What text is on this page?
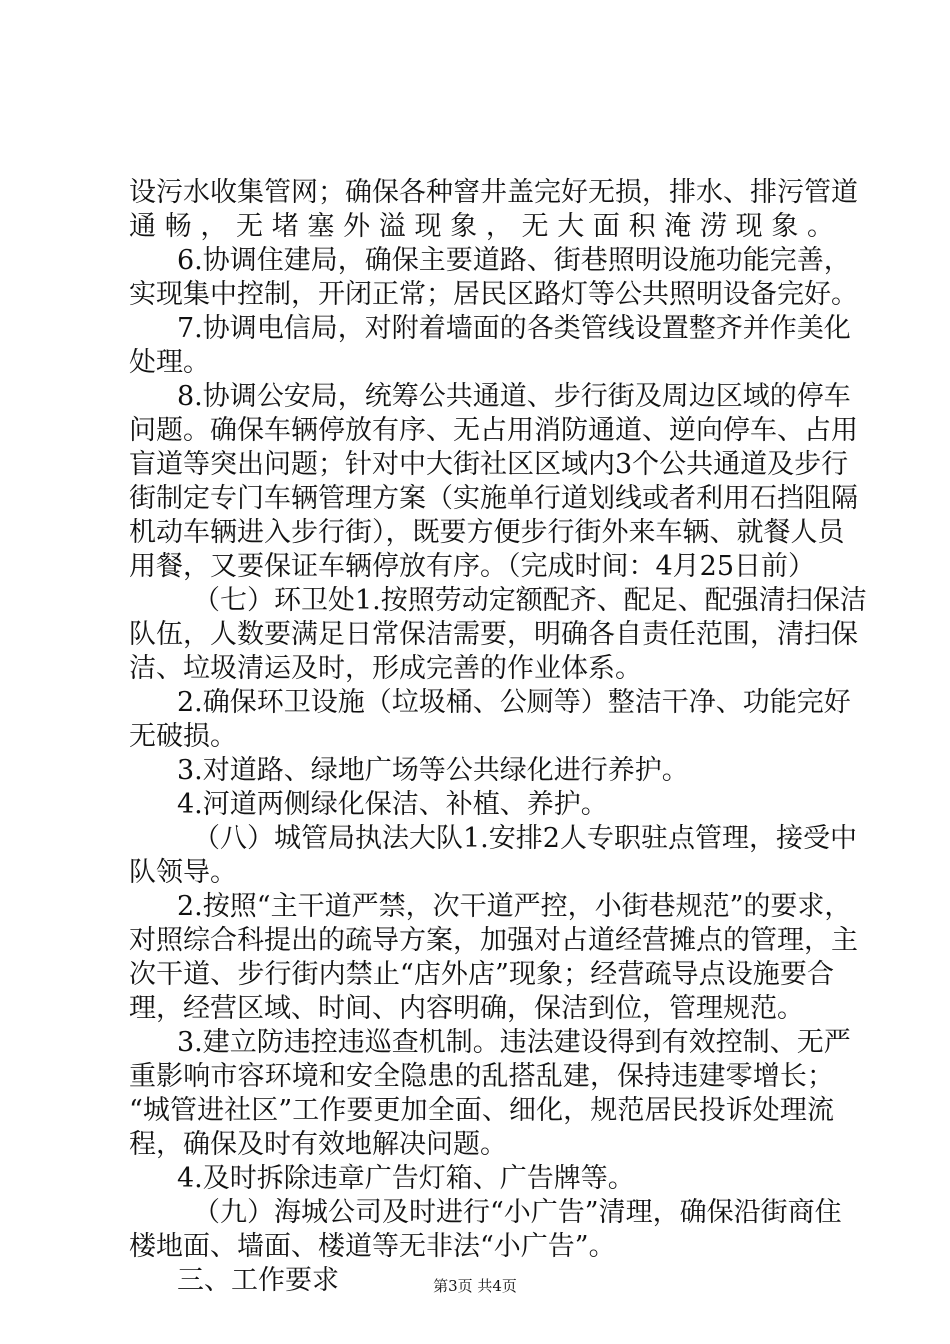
设污水收集管网；确保各种窨井盖完好无损，排水、排污管道
通畅，无堵塞外溢现象，无大面积淹涝现象。
6.协调住建局，确保主要道路、街巷照明设施功能完善，
实现集中控制，开闭正常；居民区路灯等公共照明设备完好。
7.协调电信局，对附着墙面的各类管线设置整齐并作美化
处理。
8.协调公安局，统筹公共通道、步行街及周边区域的停车
问题。确保车辆停放有序、无占用消防通道、逆向停车、占用
盲道等突出问题；针对中大街社区区域内3个公共通道及步行
街制定专门车辆管理方案（实施单行道划线或者利用石挡阻隔
机动车辆进入步行街），既要方便步行街外来车辆、就餐人员
用餐，又要保证车辆停放有序。（完成时间：4月25日前）
（七）环卫处1.按照劳动定额配齐、配足、配强清扫保洁
队伍，人数要满足日常保洁需要，明确各自责任范围，清扫保
洁、垃圾清运及时，形成完善的作业体系。
2.确保环卫设施（垃圾桶、公厕等）整洁干净、功能完好
无破损。
3.对道路、绿地广场等公共绿化进行养护。
4.河道两侧绿化保洁、补植、养护。
（八）城管局执法大队1.安排2人专职驻点管理，接受中
队领导。
2.按照“主干道严禁，次干道严控，小街巷规范”的要求，
对照综合科提出的疏导方案，加强对占道经营摊点的管理，主
次干道、步行街内禁止“店外店”现象；经营疏导点设施要合
理，经营区域、时间、内容明确，保洁到位，管理规范。
3.建立防违控违巡查机制。违法建设得到有效控制、无严
重影响市容环境和安全隐患的乱搭乱建，保持违建零增长；
“城管进社区”工作要更加全面、细化，规范居民投诉处理流
程，确保及时有效地解决问题。
4.及时拆除违章广告灯箱、广告牌等。
（九）海城公司及时进行“小广告”清理，确保沿街商住
楼地面、墙面、楼道等无非法“小广告”。
三、工作要求	第3页 共4页
